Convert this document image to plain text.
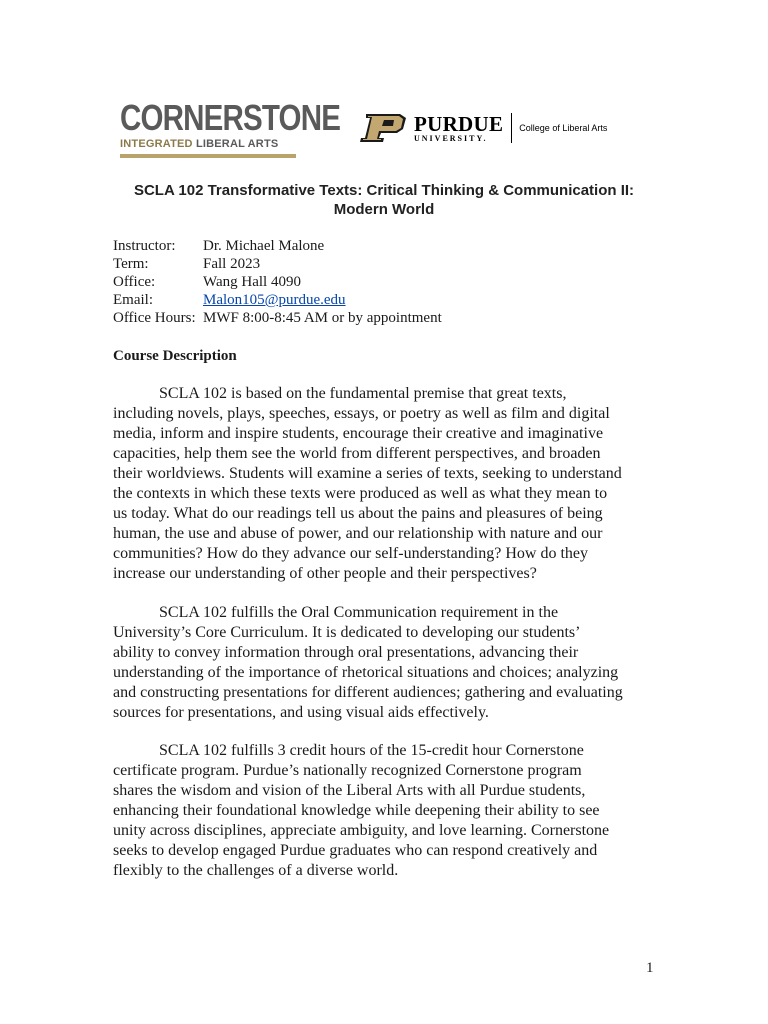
CORNERSTONE
INTEGRATED LIBERAL ARTS
PURDUE
UNIVERSITY.
College of Liberal Arts
SCLA 102 Transformative Texts: Critical Thinking & Communication II:
Modern World
Instructor:	Dr. Michael Malone
Term:	Fall 2023
Office:	Wang Hall 4090
Email:	Malon105@purdue.edu
Office Hours: MWF 8:00-8:45 AM or by appointment
Course Description
SCLA 102 is based on the fundamental premise that great texts,
including novels, plays, speeches, essays, or poetry as well as film and digital
media, inform and inspire students, encourage their creative and imaginative
capacities, help them see the world from different perspectives, and broaden
their worldviews. Students will examine a series of texts, seeking to understand
the contexts in which these texts were produced as well as what they mean to
us today. What do our readings tell us about the pains and pleasures of being
human, the use and abuse of power, and our relationship with nature and our
communities? How do they advance our self-understanding? How do they
increase our understanding of other people and their perspectives?
SCLA 102 fulfills the Oral Communication requirement in the
University’s Core Curriculum. It is dedicated to developing our students’
ability to convey information through oral presentations, advancing their
understanding of the importance of rhetorical situations and choices; analyzing
and constructing presentations for different audiences; gathering and evaluating
sources for presentations, and using visual aids effectively.
SCLA 102 fulfills 3 credit hours of the 15-credit hour Cornerstone
certificate program. Purdue’s nationally recognized Cornerstone program
shares the wisdom and vision of the Liberal Arts with all Purdue students,
enhancing their foundational knowledge while deepening their ability to see
unity across disciplines, appreciate ambiguity, and love learning. Cornerstone
seeks to develop engaged Purdue graduates who can respond creatively and
flexibly to the challenges of a diverse world.
1
